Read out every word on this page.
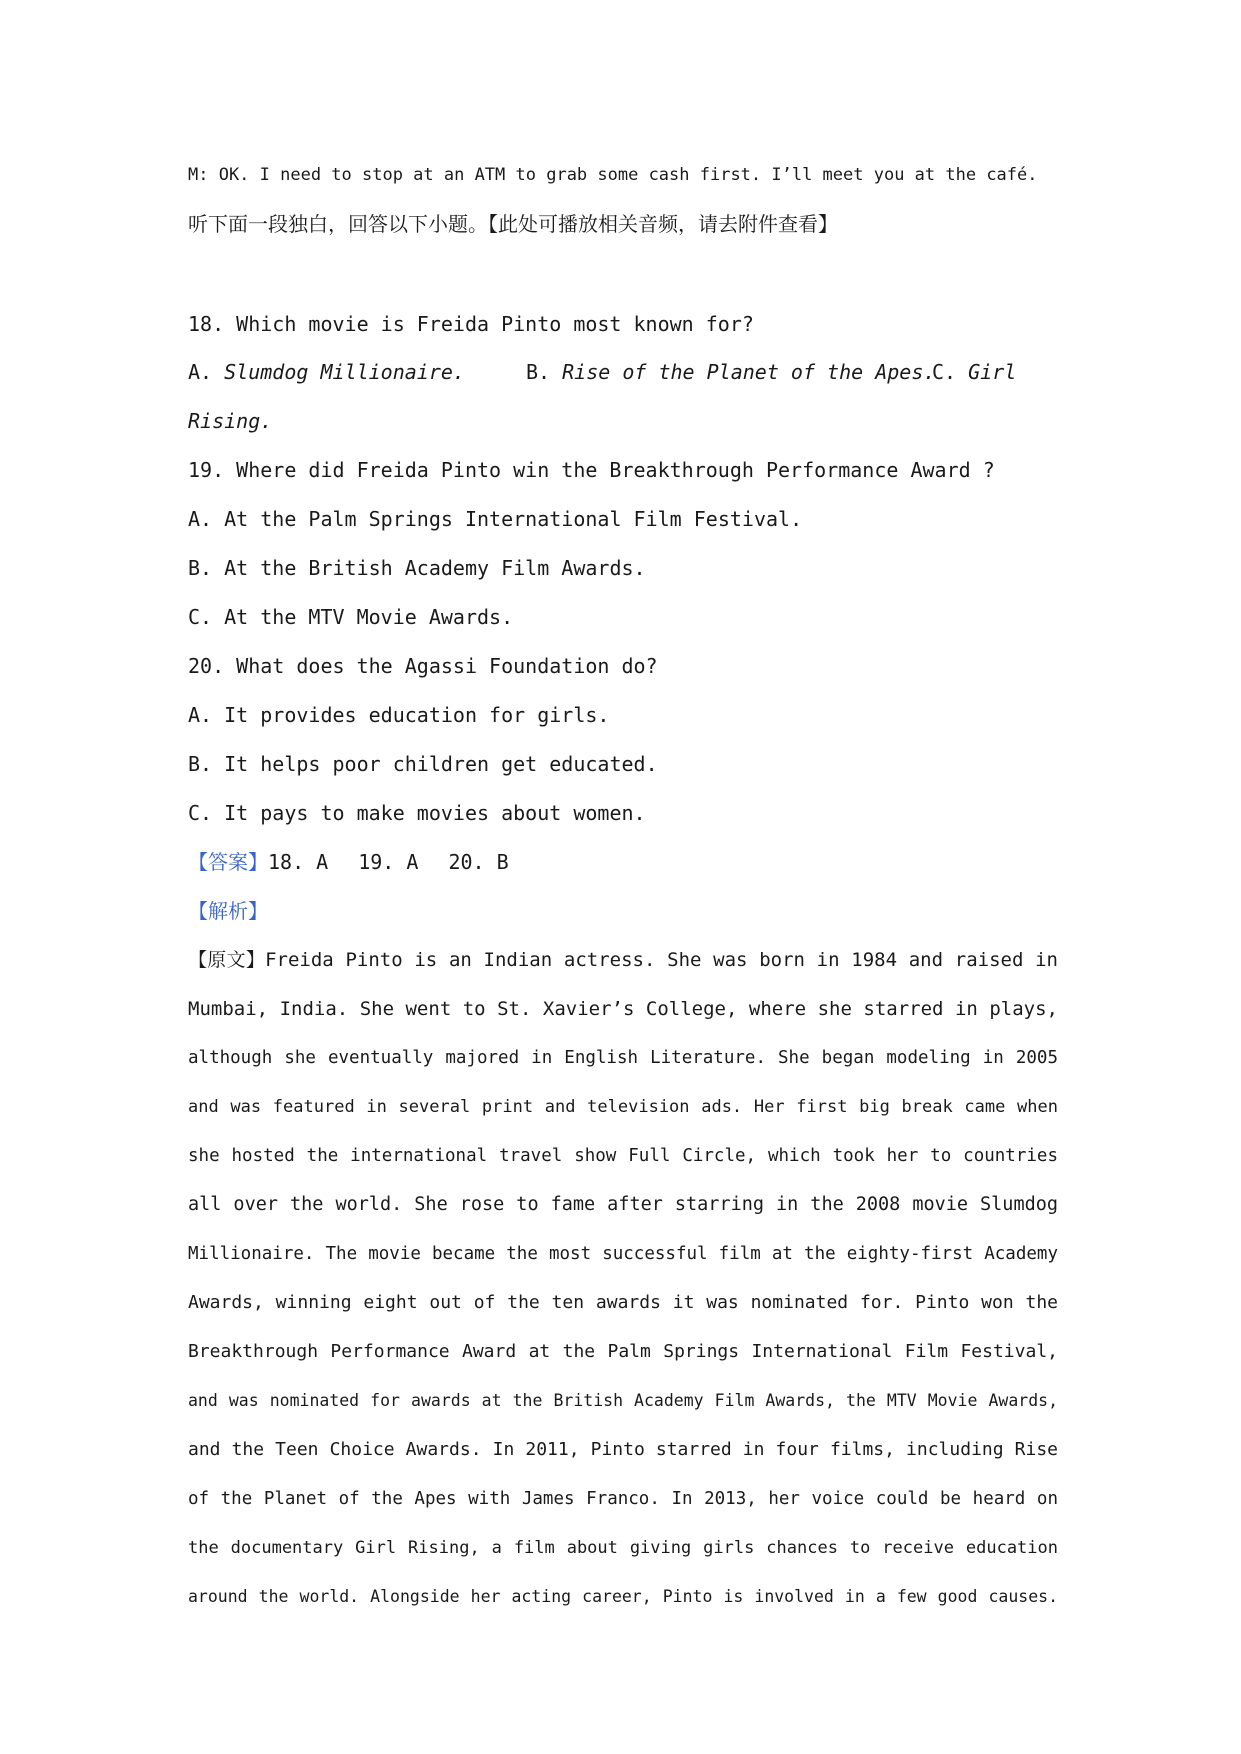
M: OK. I need to stop at an ATM to grab some cash first. I’ll meet you at the café.
听下面一段独白，回答以下小题。【此处可播放相关音频，请去附件查看】
18. Which movie is Freida Pinto most known for?
A. Slumdog Millionaire.	B. Rise of the Planet of the Apes.
C. Girl
Rising.
19. Where did Freida Pinto win the Breakthrough Performance Award ?
A. At the Palm Springs International Film Festival.
B. At the British Academy Film Awards.
C. At the MTV Movie Awards.
20. What does the Agassi Foundation do?
A. It provides education for girls.
B. It helps poor children get educated.
C. It pays to make movies about women.
【答案】18. A 19. A 20. B
【解析】
【原文】Freida Pinto is an Indian actress. She was born in 1984 and raised in
Mumbai, India. She went to St. Xavier’s College, where she starred in plays,
although she eventually majored in English Literature. She began modeling in 2005
and was featured in several print and television ads. Her first big break came when
she hosted the international travel show Full Circle, which took her to countries
all over the world. She rose to fame after starring in the 2008 movie Slumdog
Millionaire. The movie became the most successful film at the eighty-first Academy
Awards, winning eight out of the ten awards it was nominated for. Pinto won the
Breakthrough Performance Award at the Palm Springs International Film Festival,
and was nominated for awards at the British Academy Film Awards, the MTV Movie Awards,
and the Teen Choice Awards. In 2011, Pinto starred in four films, including Rise
of the Planet of the Apes with James Franco. In 2013, her voice could be heard on
the documentary Girl Rising, a film about giving girls chances to receive education
around the world. Alongside her acting career, Pinto is involved in a few good causes.
